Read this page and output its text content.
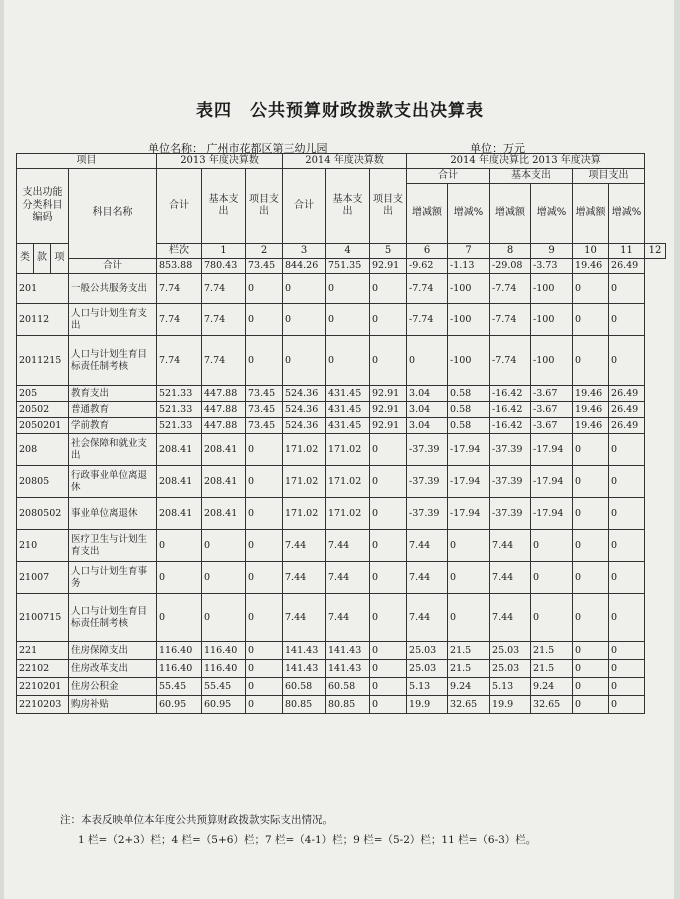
表四　公共预算财政拨款支出决算表
单位名称： 广州市花都区第三幼儿园	单位：万元
项目				2013 年度决算数			2014 年度决算数			2014 年度决算比 2013 年度决算						
支出功能分类科目编码			科目名称	合计	基本支出	项目支出	合计	基本支出	项目支出	合计		基本支出		项目支出		
										增减额	增减%	增减额	增减%	增减额	增减%	
类	款	项		栏次	1	2	3	4	5	6	7	8	9	10	11	12
			合计	853.88	780.43	73.45	844.26	751.35	92.91	-9.62	-1.13	-29.08	-3.73	19.46	26.49	
201			一般公共服务支出	7.74	7.74	0	0	0	0	-7.74	-100	-7.74	-100	0	0	
20112			人口与计划生育支出	7.74	7.74	0	0	0	0	-7.74	-100	-7.74	-100	0	0	
2011215			人口与计划生育目标责任制考核	7.74	7.74	0	0	0	0	0	-100	-7.74	-100	0	0	
205			教育支出	521.33	447.88	73.45	524.36	431.45	92.91	3.04	0.58	-16.42	-3.67	19.46	26.49	
20502			普通教育	521.33	447.88	73.45	524.36	431.45	92.91	3.04	0.58	-16.42	-3.67	19.46	26.49	
2050201			学前教育	521.33	447.88	73.45	524.36	431.45	92.91	3.04	0.58	-16.42	-3.67	19.46	26.49	
208			社会保障和就业支出	208.41	208.41	0	171.02	171.02	0	-37.39	-17.94	-37.39	-17.94	0	0	
20805			行政事业单位离退休	208.41	208.41	0	171.02	171.02	0	-37.39	-17.94	-37.39	-17.94	0	0	
2080502			事业单位离退休	208.41	208.41	0	171.02	171.02	0	-37.39	-17.94	-37.39	-17.94	0	0	
210			医疗卫生与计划生育支出	0	0	0	7.44	7.44	0	7.44	0	7.44	0	0	0	
21007			人口与计划生育事务	0	0	0	7.44	7.44	0	7.44	0	7.44	0	0	0	
2100715			人口与计划生育目标责任制考核	0	0	0	7.44	7.44	0	7.44	0	7.44	0	0	0	
221			住房保障支出	116.40	116.40	0	141.43	141.43	0	25.03	21.5	25.03	21.5	0	0	
22102			住房改革支出	116.40	116.40	0	141.43	141.43	0	25.03	21.5	25.03	21.5	0	0	
2210201			住房公积金	55.45	55.45	0	60.58	60.58	0	5.13	9.24	5.13	9.24	0	0	
2210203			购房补贴	60.95	60.95	0	80.85	80.85	0	19.9	32.65	19.9	32.65	0	0	
注：本表反映单位本年度公共预算财政拨款实际支出情况。
1 栏=（2+3）栏；4 栏=（5+6）栏；7 栏=（4-1）栏；9 栏=（5-2）栏；11 栏=（6-3）栏。
